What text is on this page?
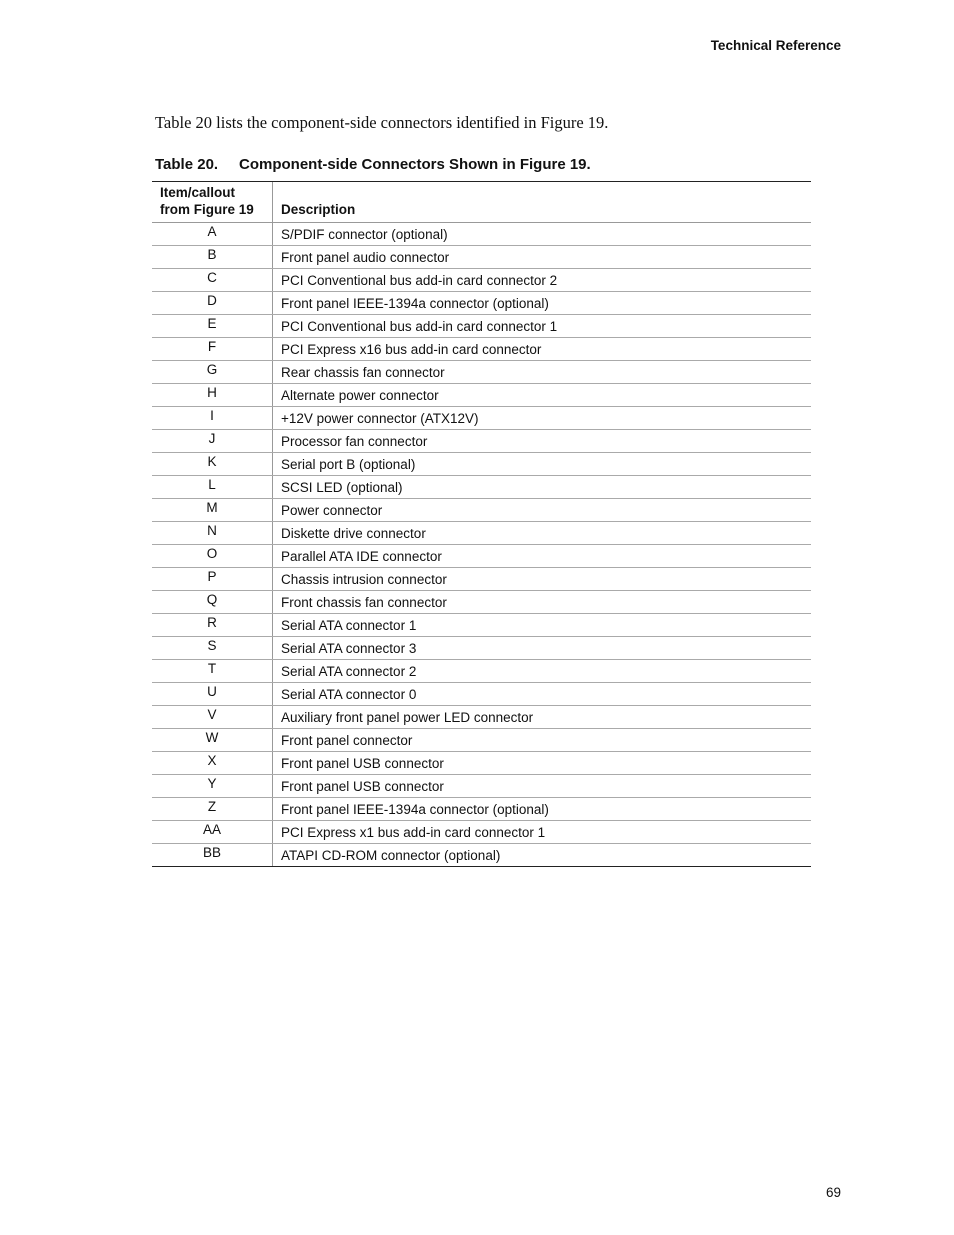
Technical Reference

Table 20 lists the component-side connectors identified in Figure 19.

Table 20. Component-side Connectors Shown in Figure 19.
Item/callout
from Figure 19	Description
A	S/PDIF connector (optional)
B	Front panel audio connector
C	PCI Conventional bus add-in card connector 2
D	Front panel IEEE-1394a connector (optional)
E	PCI Conventional bus add-in card connector 1
F	PCI Express x16 bus add-in card connector
G	Rear chassis fan connector
H	Alternate power connector
I	+12V power connector (ATX12V)
J	Processor fan connector
K	Serial port B (optional)
L	SCSI LED (optional)
M	Power connector
N	Diskette drive connector
O	Parallel ATA IDE connector
P	Chassis intrusion connector
Q	Front chassis fan connector
R	Serial ATA connector 1
S	Serial ATA connector 3
T	Serial ATA connector 2
U	Serial ATA connector 0
V	Auxiliary front panel power LED connector
W	Front panel connector
X	Front panel USB connector
Y	Front panel USB connector
Z	Front panel IEEE-1394a connector (optional)
AA	PCI Express x1 bus add-in card connector 1
BB	ATAPI CD-ROM connector (optional)
69
